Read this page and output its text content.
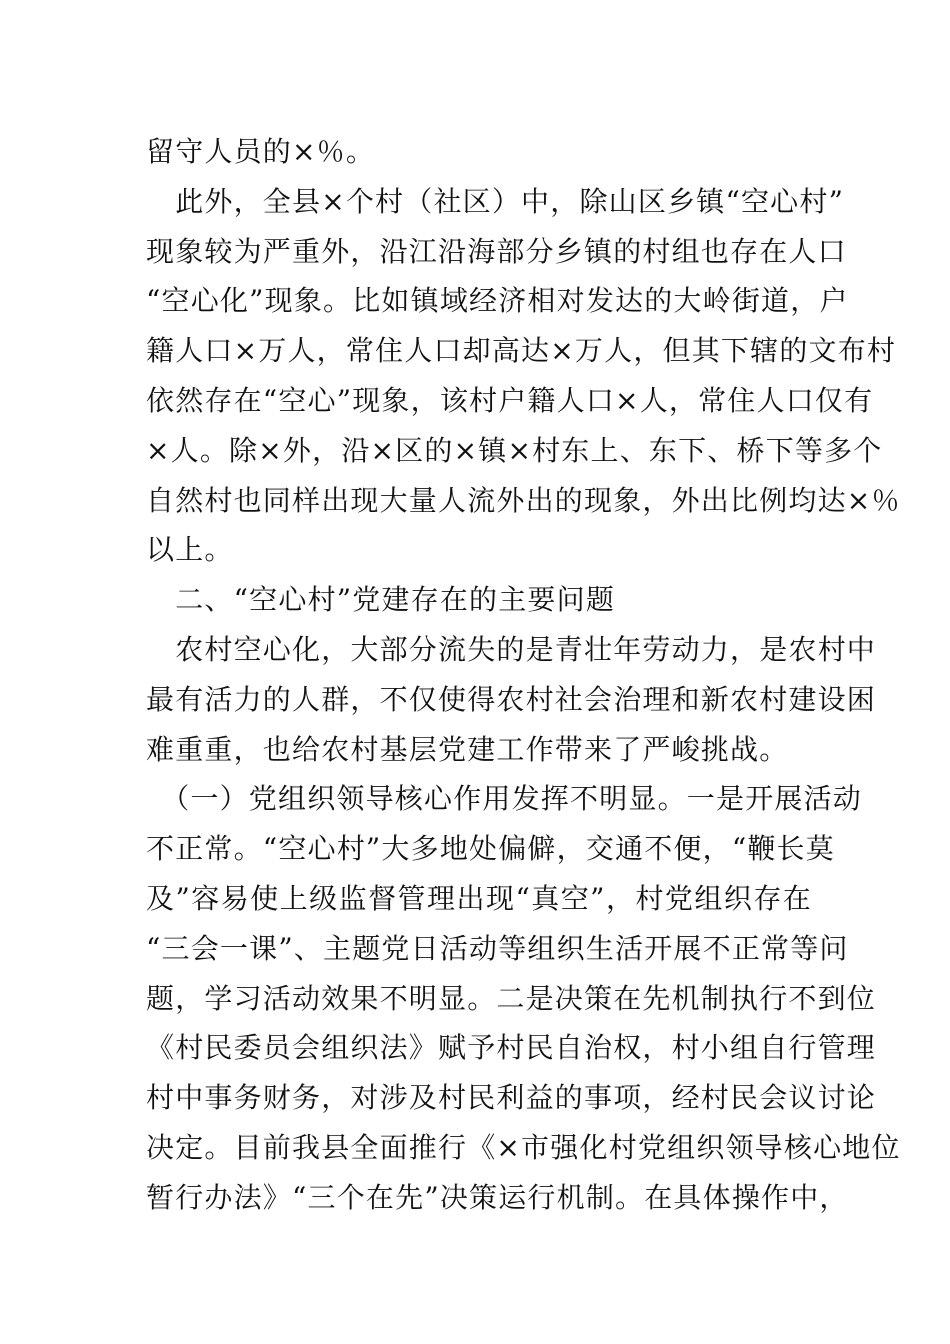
留守人员的×％。
　此外，全县×个村（社区）中，除山区乡镇“空心村”
现象较为严重外，沿江沿海部分乡镇的村组也存在人口
“空心化”现象。比如镇域经济相对发达的大岭街道，户
籍人口×万人，常住人口却高达×万人，但其下辖的文布村
依然存在“空心”现象，该村户籍人口×人，常住人口仅有
×人。除×外，沿×区的×镇×村东上、东下、桥下等多个
自然村也同样出现大量人流外出的现象，外出比例均达×％
以上。
　二、“空心村”党建存在的主要问题
　农村空心化，大部分流失的是青壮年劳动力，是农村中
最有活力的人群，不仅使得农村社会治理和新农村建设困
难重重，也给农村基层党建工作带来了严峻挑战。
　（一）党组织领导核心作用发挥不明显。一是开展活动
不正常。“空心村”大多地处偏僻，交通不便，“鞭长莫
及”容易使上级监督管理出现“真空”，村党组织存在
“三会一课”、主题党日活动等组织生活开展不正常等问
题，学习活动效果不明显。二是决策在先机制执行不到位
《村民委员会组织法》赋予村民自治权，村小组自行管理
村中事务财务，对涉及村民利益的事项，经村民会议讨论
决定。目前我县全面推行《×市强化村党组织领导核心地位
暂行办法》“三个在先”决策运行机制。在具体操作中，
